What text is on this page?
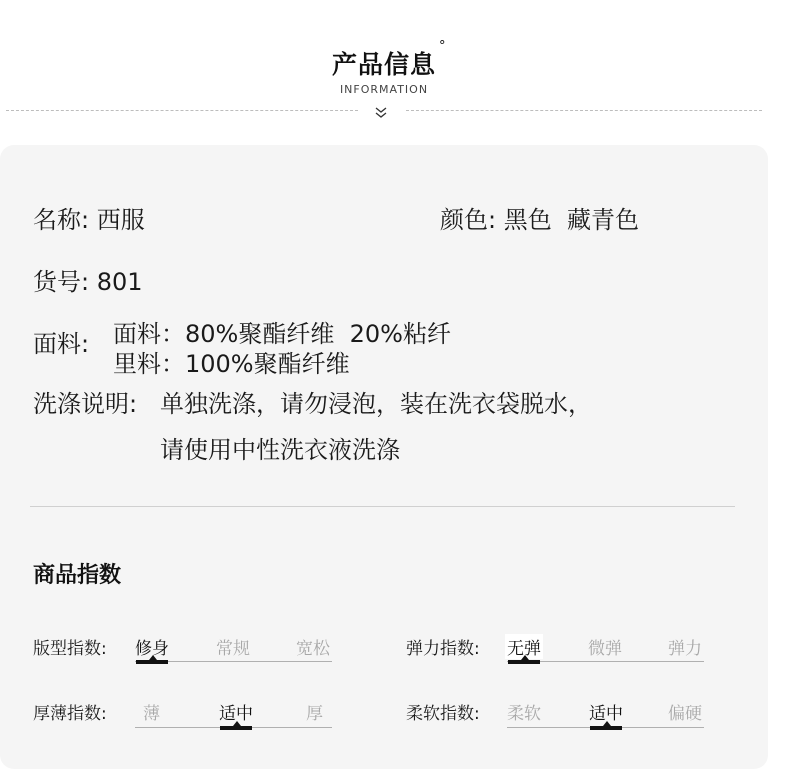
产品信息
°
INFORMATION
名称: 西服	颜色: 黑色  藏青色
货号: 801
面料: 面料：80%聚酯纤维  20%粘纤
里料：100%聚酯纤维
洗涤说明: 单独洗涤，请勿浸泡，装在洗衣袋脱水，
请使用中性洗衣液洗涤
商品指数
版型指数: 修身	常规	宽松	弹力指数: 无弹	微弹	弹力
厚薄指数: 薄	适中	厚	柔软指数: 柔软	适中	偏硬
